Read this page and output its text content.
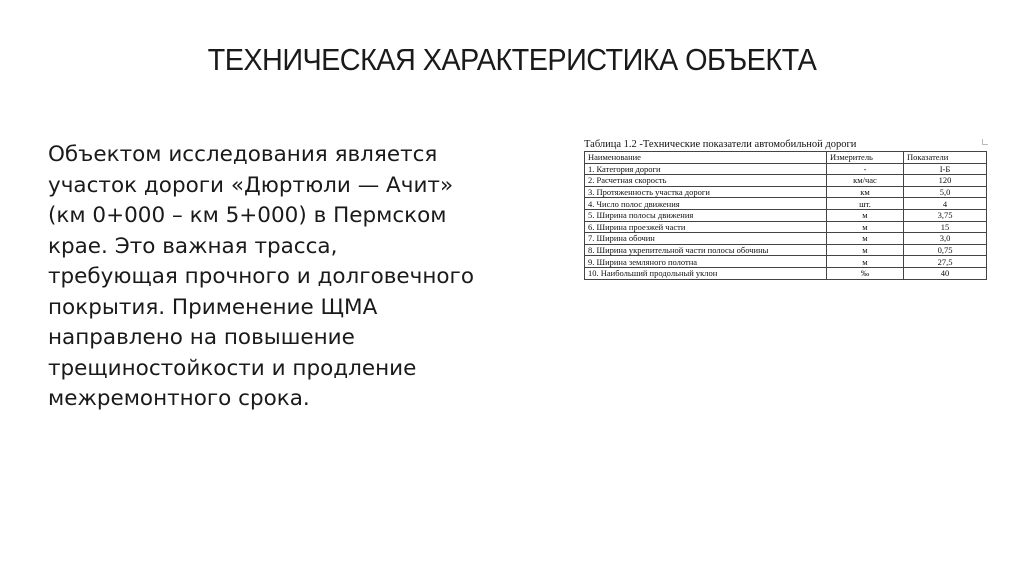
ТЕХНИЧЕСКАЯ ХАРАКТЕРИСТИКА ОБЪЕКТА

Объектом исследования является
участок дороги «Дюртюли — Ачит»
(км 0+000 – км 5+000) в Пермском
крае. Это важная трасса,
требующая прочного и долговечного
покрытия. Применение ЩМА
направлено на повышение
трещиностойкости и продление
межремонтного срока.

Таблица 1.2 -Технические показатели автомобильной дороги
Наименование	Измеритель	Показатели
1. Категория дороги	-	I-Б
2. Расчетная скорость	км/час	120
3. Протяженность участка дороги	км	5,0
4. Число полос движения	шт.	4
5. Ширина полосы движения	м	3,75
6. Ширина проезжей части	м	15
7. Ширина обочин	м	3,0
8. Ширина укрепительной части полосы обочины	м	0,75
9. Ширина земляного полотна	м	27,5
10. Наибольший продольный уклон	‰	40
